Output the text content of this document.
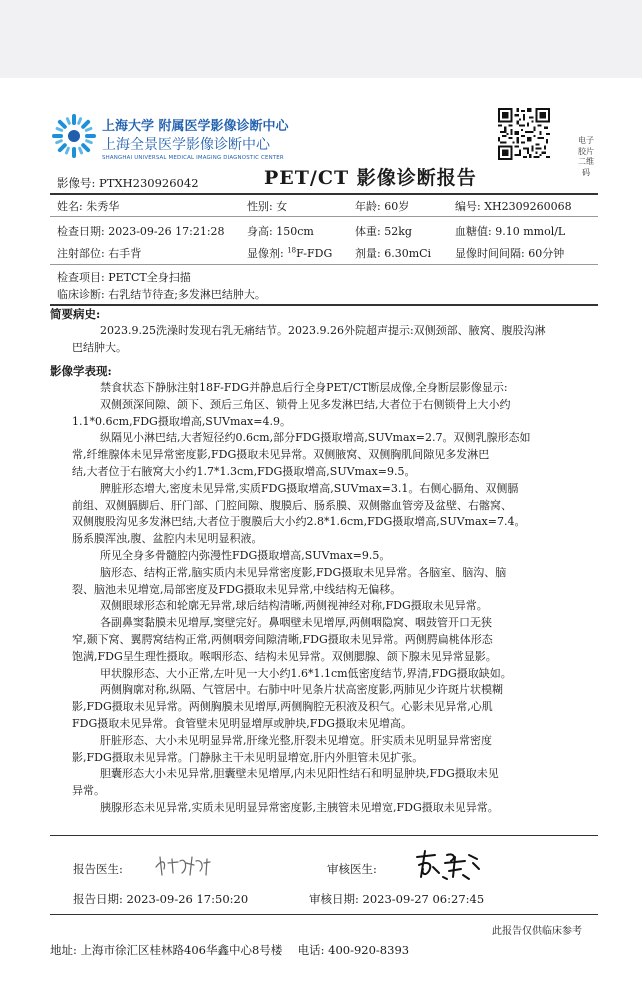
上海大学 附属医学影像诊断中心
上海全景医学影像诊断中心
SHANGHAI UNIVERSAL MEDICAL IMAGING DIAGNOSTIC CENTER
电子胶片二维码
PET/CT 影像诊断报告
影像号: PTXH230926042
姓名: 朱秀华	性别: 女	年龄: 60岁	编号: XH2309260068
检查日期: 2023-09-26 17:21:28 身高: 150cm	体重: 52kg	血糖值: 9.10 mmol/L
注射部位: 右手背	显像剂: $^{18}$F-FDG 剂量: 6.30mCi 显像时间间隔: 60分钟
检查项目: PETCT全身扫描
临床诊断: 右乳结节待查;多发淋巴结肿大。
简要病史:
2023.9.25洗澡时发现右乳无痛结节。2023.9.26外院超声提示:双侧颈部、腋窝、腹股沟淋
巴结肿大。
影像学表现:
禁食状态下静脉注射18F-FDG并静息后行全身PET/CT断层成像,全身断层影像显示:
双侧颈深间隙、颌下、颈后三角区、锁骨上见多发淋巴结,大者位于右侧锁骨上大小约
1.1*0.6cm,FDG摄取增高,SUVmax=4.9。
纵隔见小淋巴结,大者短径约0.6cm,部分FDG摄取增高,SUVmax=2.7。双侧乳腺形态如
常,纤维腺体未见异常密度影,FDG摄取未见异常。双侧腋窝、双侧胸肌间隙见多发淋巴
结,大者位于右腋窝大小约1.7*1.3cm,FDG摄取增高,SUVmax=9.5。
脾脏形态增大,密度未见异常,实质FDG摄取增高,SUVmax=3.1。右侧心膈角、双侧膈
前组、双侧膈脚后、肝门部、门腔间隙、腹膜后、肠系膜、双侧髂血管旁及盆壁、右髂窝、
双侧腹股沟见多发淋巴结,大者位于腹膜后大小约2.8*1.6cm,FDG摄取增高,SUVmax=7.4。
肠系膜浑浊,腹、盆腔内未见明显积液。
所见全身多骨髓腔内弥漫性FDG摄取增高,SUVmax=9.5。
脑形态、结构正常,脑实质内未见异常密度影,FDG摄取未见异常。各脑室、脑沟、脑
裂、脑池未见增宽,局部密度及FDG摄取未见异常,中线结构无偏移。
双侧眼球形态和轮廓无异常,球后结构清晰,两侧视神经对称,FDG摄取未见异常。
各副鼻窦黏膜未见增厚,窦壁完好。鼻咽壁未见增厚,两侧咽隐窝、咽鼓管开口无狭
窄,颞下窝、翼腭窝结构正常,两侧咽旁间隙清晰,FDG摄取未见异常。两侧腭扁桃体形态
饱满,FDG呈生理性摄取。喉咽形态、结构未见异常。双侧腮腺、颌下腺未见异常显影。
甲状腺形态、大小正常,左叶见一大小约1.6*1.1cm低密度结节,界清,FDG摄取缺如。
两侧胸廓对称,纵隔、气管居中。右肺中叶见条片状高密度影,两肺见少许斑片状模糊
影,FDG摄取未见异常。两侧胸膜未见增厚,两侧胸腔无积液及积气。心影未见异常,心肌
FDG摄取未见异常。食管壁未见明显增厚或肿块,FDG摄取未见增高。
肝脏形态、大小未见明显异常,肝缘光整,肝裂未见增宽。肝实质未见明显异常密度
影,FDG摄取未见异常。门静脉主干未见明显增宽,肝内外胆管未见扩张。
胆囊形态大小未见异常,胆囊壁未见增厚,内未见阳性结石和明显肿块,FDG摄取未见
异常。
胰腺形态未见异常,实质未见明显异常密度影,主胰管未见增宽,FDG摄取未见异常。
报告医生:	审核医生:
报告日期: 2023-09-26 17:50:20	审核日期: 2023-09-27 06:27:45
此报告仅供临床参考
地址: 上海市徐汇区桂林路406华鑫中心8号楼 电话: 400-920-8393
